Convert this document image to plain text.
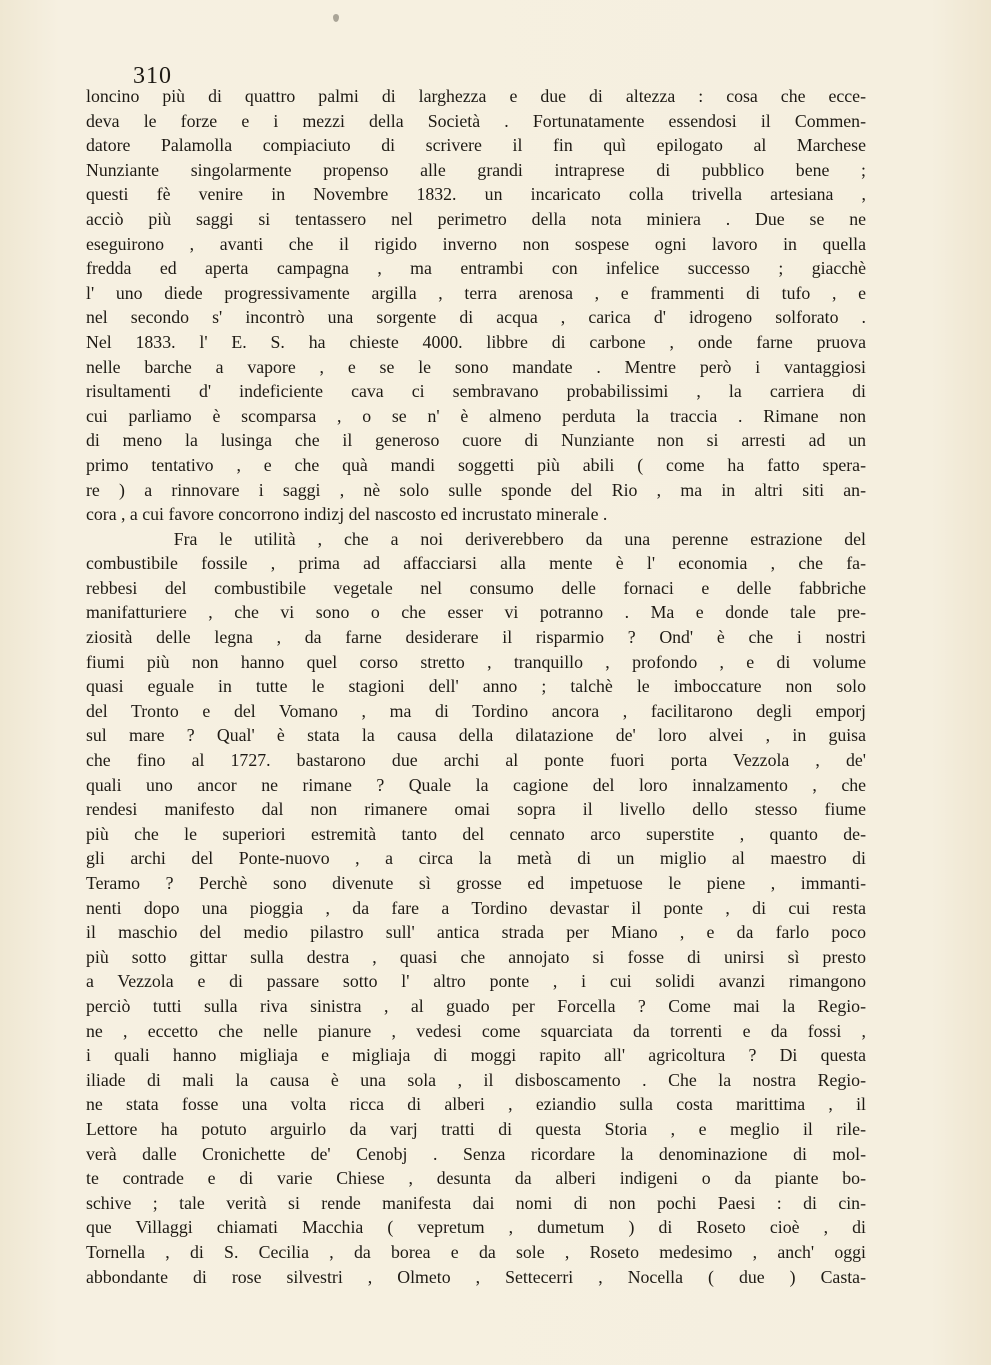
310
loncino più di quattro palmi di larghezza e due di altezza : cosa che ecce-
deva le forze e i mezzi della Società . Fortunatamente essendosi il Commen-
datore Palamolla compiaciuto di scrivere il fin quì epilogato al Marchese
Nunziante singolarmente propenso alle grandi intraprese di pubblico bene ;
questi fè venire in Novembre 1832. un incaricato colla trivella artesiana ,
acciò più saggi si tentassero nel perimetro della nota miniera . Due se ne
eseguirono , avanti che il rigido inverno non sospese ogni lavoro in quella
fredda ed aperta campagna , ma entrambi con infelice successo ; giacchè
l' uno diede progressivamente argilla , terra arenosa , e frammenti di tufo , e
nel secondo s' incontrò una sorgente di acqua , carica d' idrogeno solforato .
Nel 1833. l' E. S. ha chieste 4000. libbre di carbone , onde farne pruova
nelle barche a vapore , e se le sono mandate . Mentre però i vantaggiosi
risultamenti d' indeficiente cava ci sembravano probabilissimi , la carriera di
cui parliamo è scomparsa , o se n' è almeno perduta la traccia . Rimane non
di meno la lusinga che il generoso cuore di Nunziante non si arresti ad un
primo tentativo , e che quà mandi soggetti più abili ( come ha fatto spera-
re ) a rinnovare i saggi , nè solo sulle sponde del Rio , ma in altri siti an-
cora , a cui favore concorrono indizj del nascosto ed incrustato minerale .
Fra le utilità , che a noi deriverebbero da una perenne estrazione del
combustibile fossile , prima ad affacciarsi alla mente è l' economia , che fa-
rebbesi del combustibile vegetale nel consumo delle fornaci e delle fabbriche
manifatturiere , che vi sono o che esser vi potranno . Ma e donde tale pre-
ziosità delle legna , da farne desiderare il risparmio ? Ond' è che i nostri
fiumi più non hanno quel corso stretto , tranquillo , profondo , e di volume
quasi eguale in tutte le stagioni dell' anno ; talchè le imboccature non solo
del Tronto e del Vomano , ma di Tordino ancora , facilitarono degli emporj
sul mare ? Qual' è stata la causa della dilatazione de' loro alvei , in guisa
che fino al 1727. bastarono due archi al ponte fuori porta Vezzola , de'
quali uno ancor ne rimane ? Quale la cagione del loro innalzamento , che
rendesi manifesto dal non rimanere omai sopra il livello dello stesso fiume
più che le superiori estremità tanto del cennato arco superstite , quanto de-
gli archi del Ponte-nuovo , a circa la metà di un miglio al maestro di
Teramo ? Perchè sono divenute sì grosse ed impetuose le piene , immanti-
nenti dopo una pioggia , da fare a Tordino devastar il ponte , di cui resta
il maschio del medio pilastro sull' antica strada per Miano , e da farlo poco
più sotto gittar sulla destra , quasi che annojato si fosse di unirsi sì presto
a Vezzola e di passare sotto l' altro ponte , i cui solidi avanzi rimangono
perciò tutti sulla riva sinistra , al guado per Forcella ? Come mai la Regio-
ne , eccetto che nelle pianure , vedesi come squarciata da torrenti e da fossi ,
i quali hanno migliaja e migliaja di moggi rapito all' agricoltura ? Di questa
iliade di mali la causa è una sola , il disboscamento . Che la nostra Regio-
ne stata fosse una volta ricca di alberi , eziandio sulla costa marittima , il
Lettore ha potuto arguirlo da varj tratti di questa Storia , e meglio il rile-
verà dalle Cronichette de' Cenobj . Senza ricordare la denominazione di mol-
te contrade e di varie Chiese , desunta da alberi indigeni o da piante bo-
schive ; tale verità si rende manifesta dai nomi di non pochi Paesi : di cin-
que Villaggi chiamati Macchia ( vepretum , dumetum ) di Roseto cioè , di
Tornella , di S. Cecilia , da borea e da sole , Roseto medesimo , anch' oggi
abbondante di rose silvestri , Olmeto , Settecerri , Nocella ( due ) Casta-
